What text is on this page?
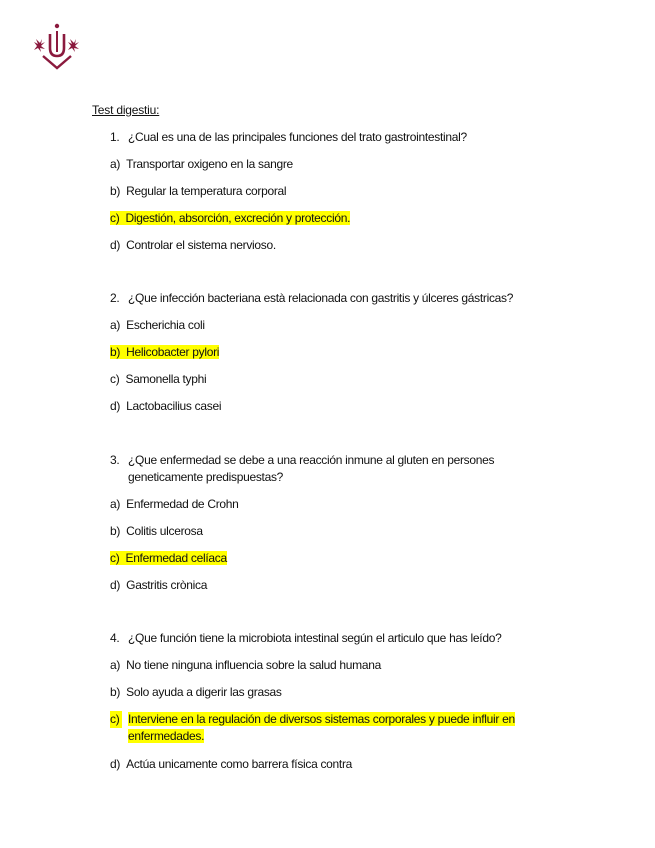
Test digestiu:
1. ¿Cual es una de las principales funciones del trato gastrointestinal?
a) Transportar oxigeno en la sangre
b) Regular la temperatura corporal
c) Digestión, absorción, excreción y protección.
d) Controlar el sistema nervioso.
2. ¿Que infección bacteriana està relacionada con gastritis y úlceres gástricas?
a) Escherichia coli
b) Helicobacter pylori
c) Samonella typhi
d) Lactobacilius casei
3. ¿Que enfermedad se debe a una reacción inmune al gluten en persones geneticamente predispuestas?
a) Enfermedad de Crohn
b) Colitis ulcerosa
c) Enfermedad celíaca
d) Gastritis crònica
4. ¿Que función tiene la microbiota intestinal según el articulo que has leído?
a) No tiene ninguna influencia sobre la salud humana
b) Solo ayuda a digerir las grasas
c) Interviene en la regulación de diversos sistemas corporales y puede influir en enfermedades.
d) Actúa unicamente como barrera física contra
